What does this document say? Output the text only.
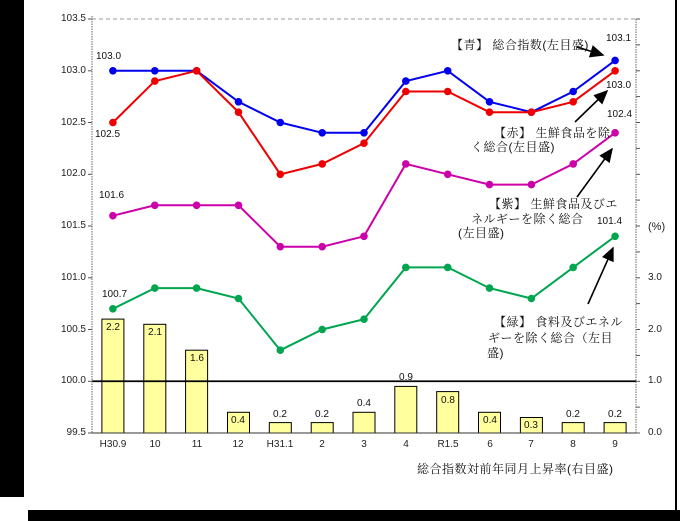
(%)
総合指数対前年同月上昇率(右目盛)
103.5
103.0
102.5
102.0
101.5
101.0
100.5
100.0
99.5
3.0
2.0
1.0
0.0
H30.9	10	11	12	H31.1	2	3	4	R1.5	6	7	8	9
2.2	2.1
1.6
0.4
0.2	0.2
0.4
0.9
0.8
0.4	0.3
0.2	0.2
103.0
102.5
101.6
100.7
103.1
103.0
102.4
101.4
【青】 総合指数(左目盛)
【赤】 生鮮食品を除
く総合(左目盛)
【紫】 生鮮食品及びエ
ネルギーを除く総合
(左目盛)
【緑】 食料及びエネル
ギーを除く総合（左目
盛)
